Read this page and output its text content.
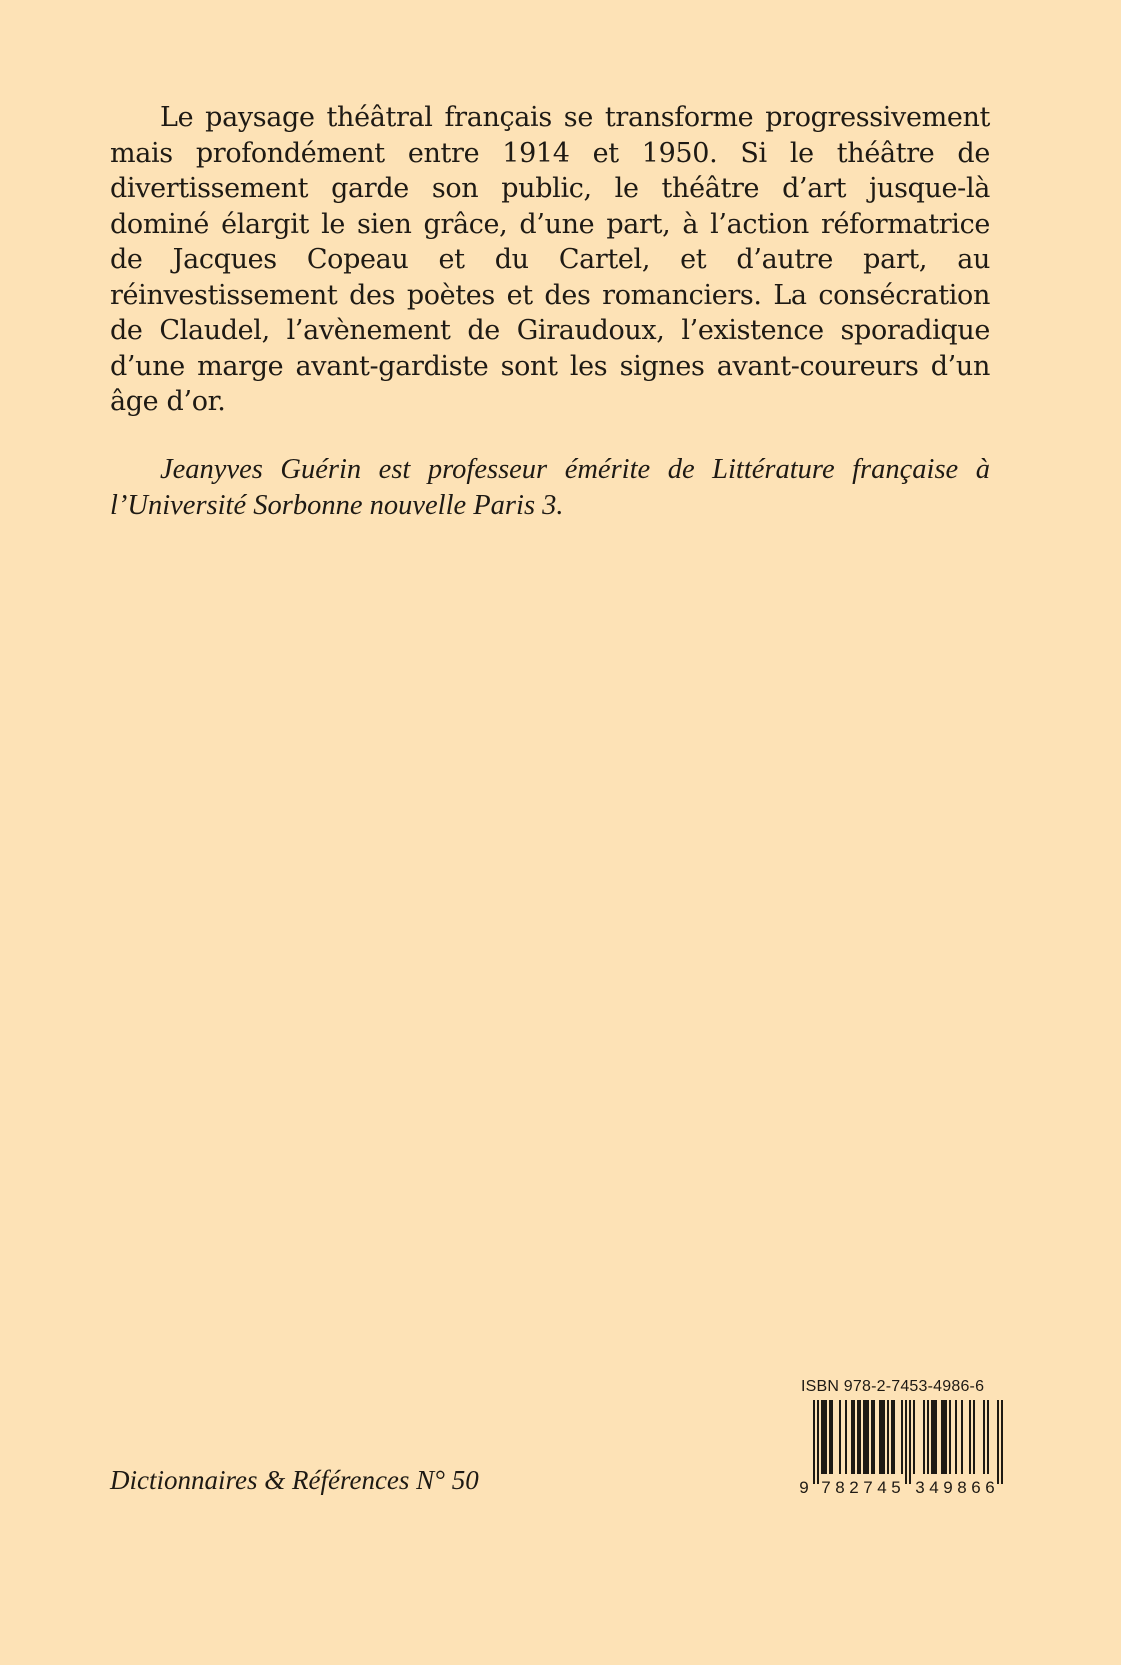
Le paysage théâtral français se transforme progressivement mais profondément entre 1914 et 1950. Si le théâtre de divertissement garde son public, le théâtre d’art jusque-là dominé élargit le sien grâce, d’une part, à l’action réformatrice de Jacques Copeau et du Cartel, et d’autre part, au réinvestissement des poètes et des romanciers. La consécration de Claudel, l’avènement de Giraudoux, l’existence sporadique d’une marge avant-gardiste sont les signes avant-coureurs d’un âge d’or.

Jeanyves Guérin est professeur émérite de Littérature française à l’Université Sorbonne nouvelle Paris 3.

Dictionnaires & Références N° 50

ISBN 978-2-7453-4986-6
9 7 8 2 7 4 5 3 4 9 8 6 6
